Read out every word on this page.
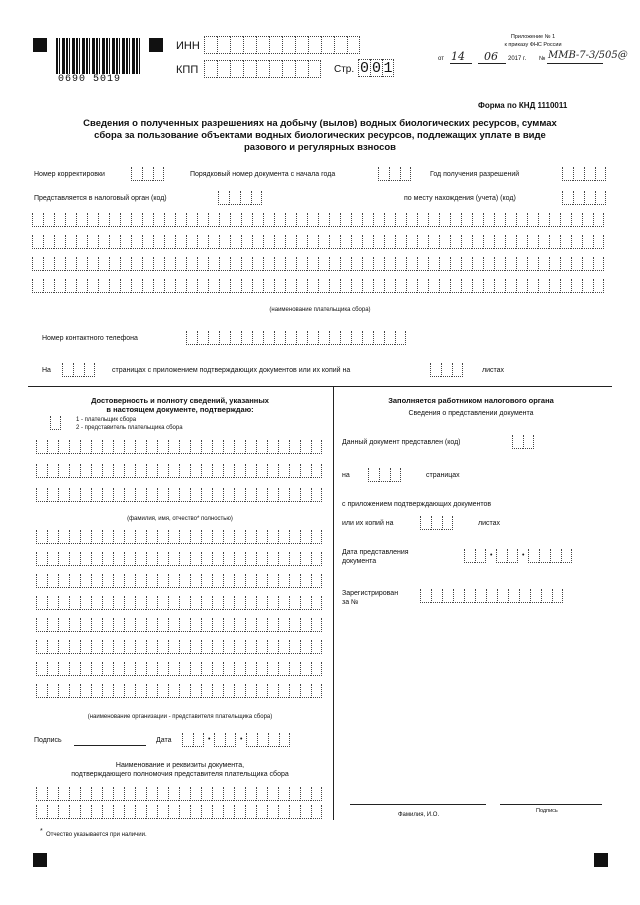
0690 5019
ИНН
КПП	Стр. 0 0 1
Приложение № 1
к приказу ФНС России
от 14 06 2017 г. № ММВ-7-3/505@
Форма по КНД 1110011
Сведения о полученных разрешениях на добычу (вылов) водных биологических ресурсов, суммах
сбора за пользование объектами водных биологических ресурсов, подлежащих уплате в виде
разового и регулярных взносов
Номер корректировки	Порядковый номер документа с начала года	Год получения разрешений
Представляется в налоговый орган (код)	по месту нахождения (учета) (код)
(наименование плательщика сбора)
Номер контактного телефона
На	страницах с приложением подтверждающих документов или их копий на	листах
Достоверность и полноту сведений, указанных
в настоящем документе, подтверждаю:
1 - плательщик сбора
2 - представитель плательщика сбора
(фамилия, имя, отчество* полностью)
(наименование организации - представителя плательщика сбора)
Подпись	Дата	•	•
Наименование и реквизиты документа,
подтверждающего полномочия представителя плательщика сбора
* Отчество указывается при наличии.
Заполняется работником налогового органа
Сведения о представлении документа
Данный документ представлен (код)
на	страницах
с приложением подтверждающих документов
или их копий на	листах
Дата представления
документа
•	•
Зарегистрирован
за №
Фамилия, И.О.
Подпись
